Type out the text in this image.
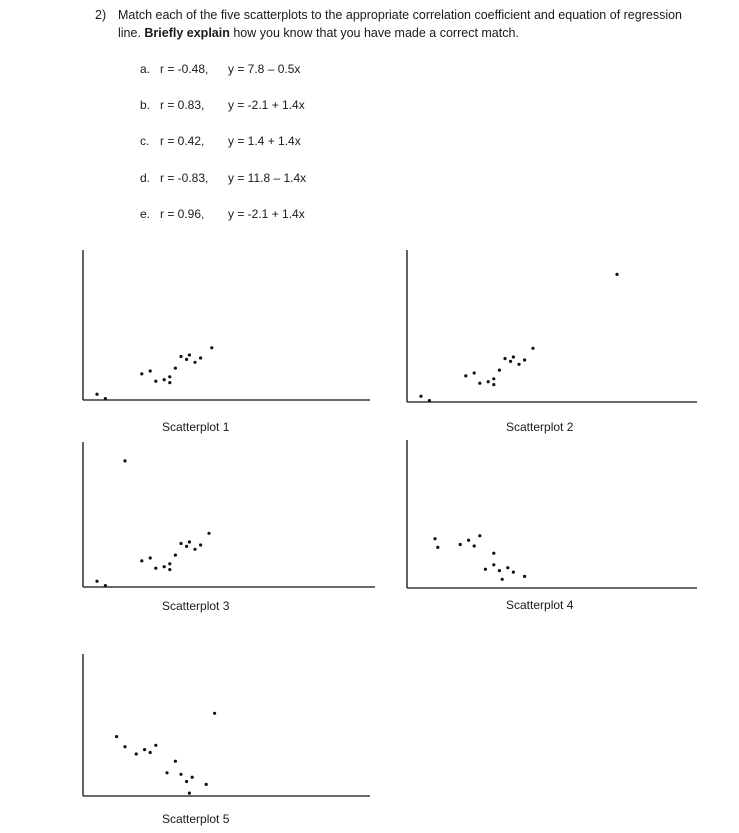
2) Match each of the five scatterplots to the appropriate correlation coefficient and equation of regression line. Briefly explain how you know that you have made a correct match.
a. r = -0.48, y = 7.8 – 0.5x
b. r = 0.83, y = -2.1 + 1.4x
c. r = 0.42, y = 1.4 + 1.4x
d. r = -0.83, y = 11.8 – 1.4x
e. r = 0.96, y = -2.1 + 1.4x
Scatterplot 1	Scatterplot 2
Scatterplot 3	Scatterplot 4
Scatterplot 5
